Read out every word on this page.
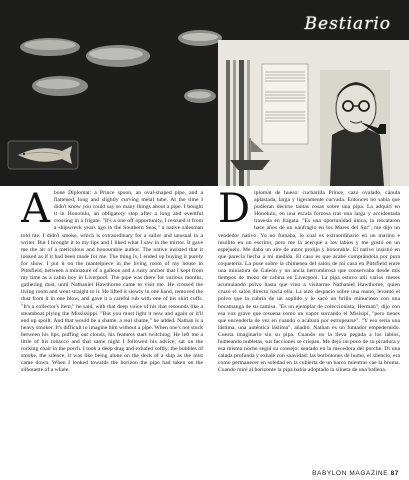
Bestiario
A bone Diplomat: a Prince spoon, an oval-shaped pipe, and a flattened, long and slightly curving metal tube. At the time I didn't know you could say so many things about a pipe. I bought it in Honolulu, an obligatory stop after a long and eventful crossing in a frigate. "It's a one off opportunity, I rescued it from a shipwreck years ago in the Southern Seas," a native salesman told me. I didn't smoke, which is extraordinary for a sailor and unusual in a writer. But I brought it to my lips and I liked what I saw in the mirror. It gave me the air of a meticulous and honourable author. The native insisted that it looked as if it had been made for me. The thing is, I ended up buying it purely for show. I put it on the mantelpiece in the living room of my house in Pittsfield, between a miniature of a galleon and a rusty anchor that I kept from my time as a cabin boy in Liverpool. The pipe was there for various months, gathering dust, until Nathaniel Hawthorne came to visit me. He crossed the living room and went straight to it. He lifted it slowly in one hand, removed the dust from it in one blow, and gave it a careful rub with one of his shirt cuffs. "It's a collector's item," he said, with that deep voice of his that resounds like a steamboat plying the Mississippi. "But you must light it now and again or it'll end up spoilt. And that would be a shame, a real shame," he added. Nathan is a heavy smoker. It's difficult to imagine him without a pipe. When one's not stuck between his lips, puffing out clouds, his features start twitching. He left me a little of his tobacco and that same night I followed his advice, sat on the rocking chair in the porch. I took a deep drag and exhaled softly: the bubbles of smoke, the silence, it was like being alone on the deck of a ship as the mist came down. When I looked towards the horizon the pipe had taken on the silhouette of a whale.

D iplomat de hueso: cucharilla Prince, cazo ovalado, cánula aplastada, larga y ligeramente curvada. Entonces no sabía que pudieran decirse tantas cosas sobre una pipa. La adquirí en Honolulu, en una escala forzosa tras una larga y accidentada travesía en fragata. "Es una oportunidad única, la rescataron hace años de un naufragio en los Mares del Sur", me dijo un vendedor nativo. Yo no fumaba, lo cual es extraordinario en un marino e insólito en un escritor, pero me la acerqué a los labios y me gustó en un espejuelo. Me daba un aire de autor prolijo y honorable. El nativo insistió en que parecía hecha a mi medida. El caso es que acabé comprándola por pura coquetería. La puse sobre la chimenea del salón de mi casa en Pittsfield entre una miniatura de Galeón y un ancla herrumbrosa que conservaba desde mis tiempos de mozo de cabina en Liverpool. La pipa estuvo allí varios meses acumulando polvo hasta que vino a visitarme Nathaniel Hawthorne, quien cruzó el salón directo hacia ella. La alzó despacio sobre una mano, levantó el polvo que la cubría de un soplido y le sacó un brillo minucioso con una bocamanga de su camisa. "Es un ejemplar de coleccionista, Herman", dijo con esa voz grave que resuena como un vapor surcando el Misisipí, "pero tienes que encenderla de vez en cuando o acabará por estropearse". "Y eso sería una lástima, una auténtica lástima", añadió. Nathan es un fumador empedernido. Cuesta imaginarlo sin su pipa. Cuando no la lleva pegada a los labios, humeando nubletas, sus facciones se crispan. Me dejó un poco de su picadura y esa misma noche seguí su consejo: sentado en la mecedora del porche. Di una calada profunda y exhalé con suavidad: las borbotones de humo, el silencio, era como permanecer en soledad en la cubierta de un barco mientras cae la bruma. Cuando miré al horizonte la pipa había adoptado la silueta de una ballena.

BABYLON MAGAZINE 87
